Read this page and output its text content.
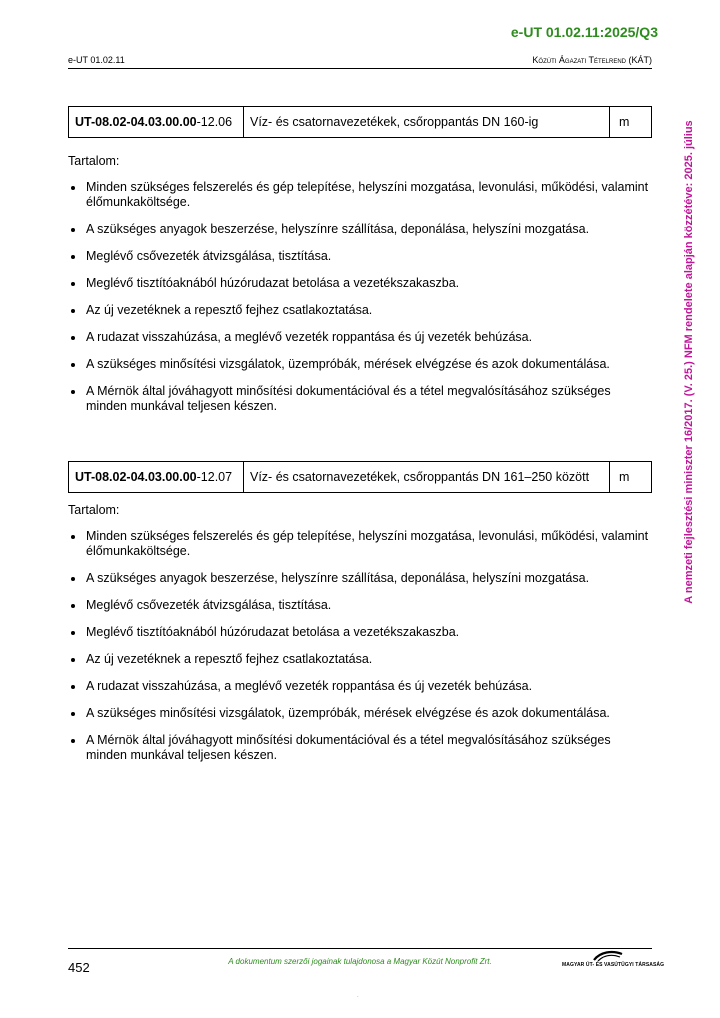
e-UT 01.02.11:2025/Q3
e-UT 01.02.11	Közúti Ágazati Tételrend (KÁT)
A nemzeti fejlesztési miniszter 16/2017. (V. 25.) NFM rendelete alapján közzétéve: 2025. július
UT-08.02-04.03.00.00 -12.06	Víz- és csatornavezetékek, csőroppantás DN 160-ig	m

Tartalom:

Minden szükséges felszerelés és gép telepítése, helyszíni mozgatása, levonulási, működési, valamint élőmunkaköltsége.
A szükséges anyagok beszerzése, helyszínre szállítása, deponálása, helyszíni mozgatása.
Meglévő csővezeték átvizsgálása, tisztítása.
Meglévő tisztítóaknából húzórudazat betolása a vezetékszakaszba.
Az új vezetéknek a repesztő fejhez csatlakoztatása.
A rudazat visszahúzása, a meglévő vezeték roppantása és új vezeték behúzása.
A szükséges minősítési vizsgálatok, üzempróbák, mérések elvégzése és azok dokumentálása.
A Mérnök által jóváhagyott minősítési dokumentációval és a tétel megvalósításához szükséges minden munkával teljesen készen.
UT-08.02-04.03.00.00 -12.07	Víz- és csatornavezetékek, csőroppantás DN 161–250 között	m

Tartalom:

Minden szükséges felszerelés és gép telepítése, helyszíni mozgatása, levonulási, működési, valamint élőmunkaköltsége.
A szükséges anyagok beszerzése, helyszínre szállítása, deponálása, helyszíni mozgatása.
Meglévő csővezeték átvizsgálása, tisztítása.
Meglévő tisztítóaknából húzórudazat betolása a vezetékszakaszba.
Az új vezetéknek a repesztő fejhez csatlakoztatása.
A rudazat visszahúzása, a meglévő vezeték roppantása és új vezeték behúzása.
A szükséges minősítési vizsgálatok, üzempróbák, mérések elvégzése és azok dokumentálása.
A Mérnök által jóváhagyott minősítési dokumentációval és a tétel megvalósításához szükséges minden munkával teljesen készen.
452	A dokumentum szerzői jogainak tulajdonosa a Magyar Közút Nonprofit Zrt.	MAGYAR ÚT- ÉS VASÚTÜGYI TÁRSASÁG
.
